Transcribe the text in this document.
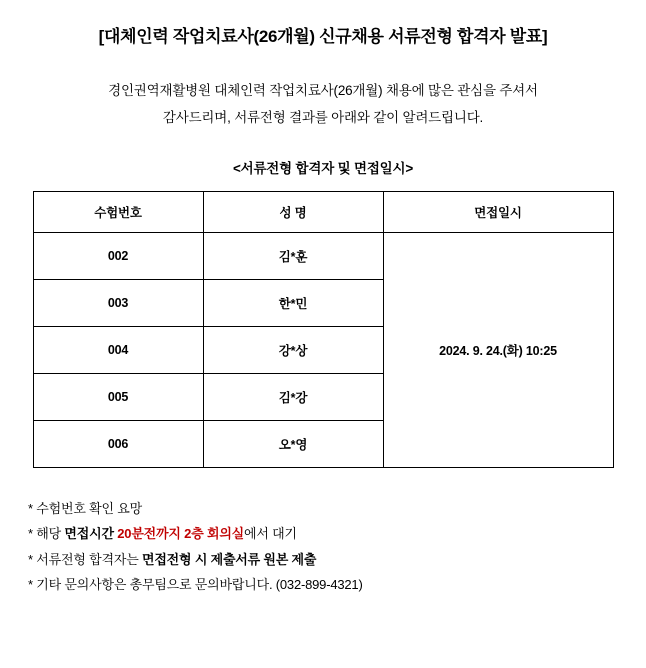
[대체인력 작업치료사(26개월) 신규채용 서류전형 합격자 발표]
경인권역재활병원 대체인력 작업치료사(26개월) 채용에 많은 관심을 주셔서
감사드리며, 서류전형 결과를 아래와 같이 알려드립니다.
<서류전형 합격자 및 면접일시>
수험번호	성 명	면접일시
002	김*훈	2024. 9. 24.(화) 10:25
003	한*민	
004	강*상	
005	김*강	
006	오*영	
* 수험번호 확인 요망
* 해당 면접시간 20분전까지 2층 회의실에서 대기
* 서류전형 합격자는 면접전형 시 제출서류 원본 제출
* 기타 문의사항은 총무팀으로 문의바랍니다. (032-899-4321)
